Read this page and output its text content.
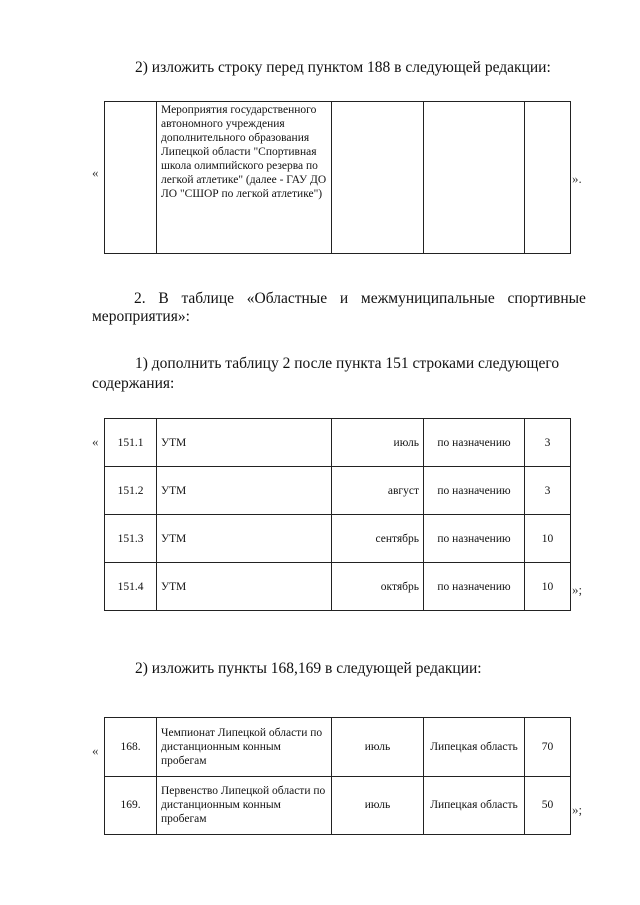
2) изложить строку перед пунктом 188 в следующей редакции:

«
	Мероприятия государственного автономного учреждения дополнительного образования Липецкой области "Спортивная школа олимпийского резерва по легкой атлетике" (далее - ГАУ ДО ЛО "СШОР по легкой атлетике")			
».
2. В таблице «Областные и межмуниципальные спортивные

мероприятия»:

1) дополнить таблицу 2 после пункта 151 строками следующего

содержания:

« 151.1	УТМ	июль	по назначению	3
151.2	УТМ	август	по назначению	3
151.3	УТМ	сентябрь	по назначению	10
151.4	УТМ	октябрь	по назначению	10 »;

2) изложить пункты 168,169 в следующей редакции:

« 168.	Чемпионат Липецкой области по дистанционным конным пробегам	июль	Липецкая область	70
169.	Первенство Липецкой области по дистанционным конным пробегам	июль	Липецкая область	50 »;
